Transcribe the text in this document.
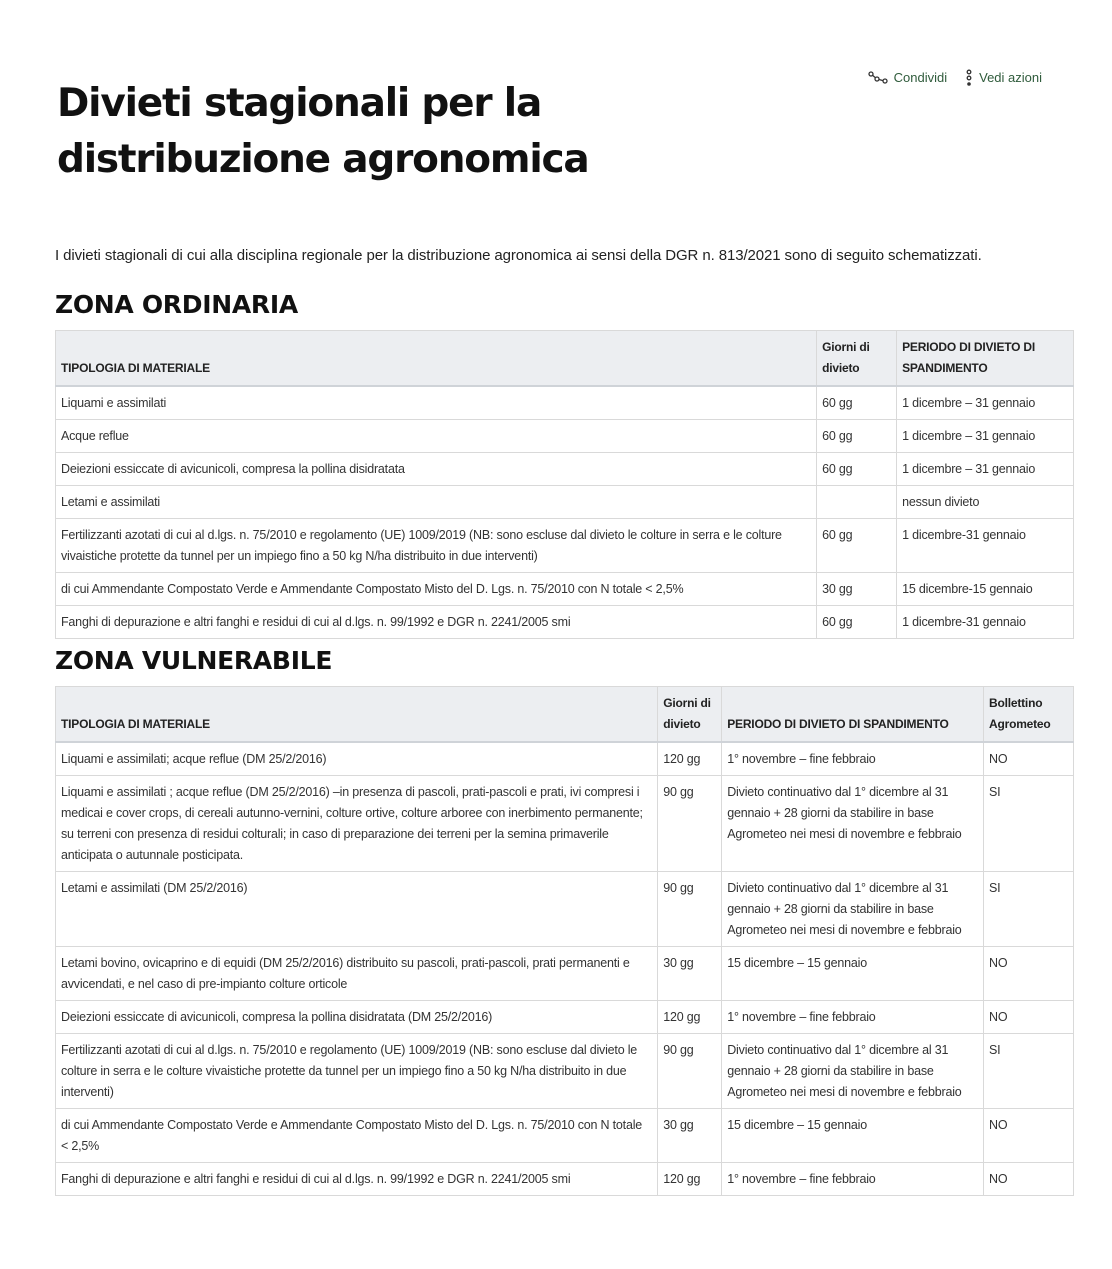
Condividi Vedi azioni
Divieti stagionali per la distribuzione agronomica

I divieti stagionali di cui alla disciplina regionale per la distribuzione agronomica ai sensi della DGR n. 813/2021 sono di seguito schematizzati.

ZONA ORDINARIA
TIPOLOGIA DI MATERIALE	Giorni di divieto	PERIODO DI DIVIETO DI SPANDIMENTO
Liquami e assimilati	60 gg	1 dicembre – 31 gennaio
Acque reflue	60 gg	1 dicembre – 31 gennaio
Deiezioni essiccate di avicunicoli, compresa la pollina disidratata	60 gg	1 dicembre – 31 gennaio
Letami e assimilati		nessun divieto
Fertilizzanti azotati di cui al d.lgs. n. 75/2010 e regolamento (UE) 1009/2019 (NB: sono escluse dal divieto le colture in serra e le colture vivaistiche protette da tunnel per un impiego fino a 50 kg N/ha distribuito in due interventi)	60 gg	1 dicembre-31 gennaio
di cui Ammendante Compostato Verde e Ammendante Compostato Misto del D. Lgs. n. 75/2010 con N totale < 2,5%	30 gg	15 dicembre-15 gennaio
Fanghi di depurazione e altri fanghi e residui di cui al d.lgs. n. 99/1992 e DGR n. 2241/2005 smi	60 gg	1 dicembre-31 gennaio
ZONA VULNERABILE
TIPOLOGIA DI MATERIALE	Giorni di divieto	PERIODO DI DIVIETO DI SPANDIMENTO	Bollettino Agrometeo
Liquami e assimilati; acque reflue (DM 25/2/2016)	120 gg	1° novembre – fine febbraio	NO
Liquami e assimilati ; acque reflue (DM 25/2/2016) –in presenza di pascoli, prati-pascoli e prati, ivi compresi i medicai e cover crops, di cereali autunno-vernini, colture ortive, colture arboree con inerbimento permanente; su terreni con presenza di residui colturali; in caso di preparazione dei terreni per la semina primaverile anticipata o autunnale posticipata.	90 gg	Divieto continuativo dal 1° dicembre al 31 gennaio + 28 giorni da stabilire in base Agrometeo nei mesi di novembre e febbraio	SI
Letami e assimilati (DM 25/2/2016)	90 gg	Divieto continuativo dal 1° dicembre al 31 gennaio + 28 giorni da stabilire in base Agrometeo nei mesi di novembre e febbraio	SI
Letami bovino, ovicaprino e di equidi (DM 25/2/2016) distribuito su pascoli, prati-pascoli, prati permanenti e avvicendati, e nel caso di pre-impianto colture orticole	30 gg	15 dicembre – 15 gennaio	NO
Deiezioni essiccate di avicunicoli, compresa la pollina disidratata (DM 25/2/2016)	120 gg	1° novembre – fine febbraio	NO
Fertilizzanti azotati di cui al d.lgs. n. 75/2010 e regolamento (UE) 1009/2019 (NB: sono escluse dal divieto le colture in serra e le colture vivaistiche protette da tunnel per un impiego fino a 50 kg N/ha distribuito in due interventi)	90 gg	Divieto continuativo dal 1° dicembre al 31 gennaio + 28 giorni da stabilire in base Agrometeo nei mesi di novembre e febbraio	SI
di cui Ammendante Compostato Verde e Ammendante Compostato Misto del D. Lgs. n. 75/2010 con N totale < 2,5%	30 gg	15 dicembre – 15 gennaio	NO
Fanghi di depurazione e altri fanghi e residui di cui al d.lgs. n. 99/1992 e DGR n. 2241/2005 smi	120 gg	1° novembre – fine febbraio	NO
